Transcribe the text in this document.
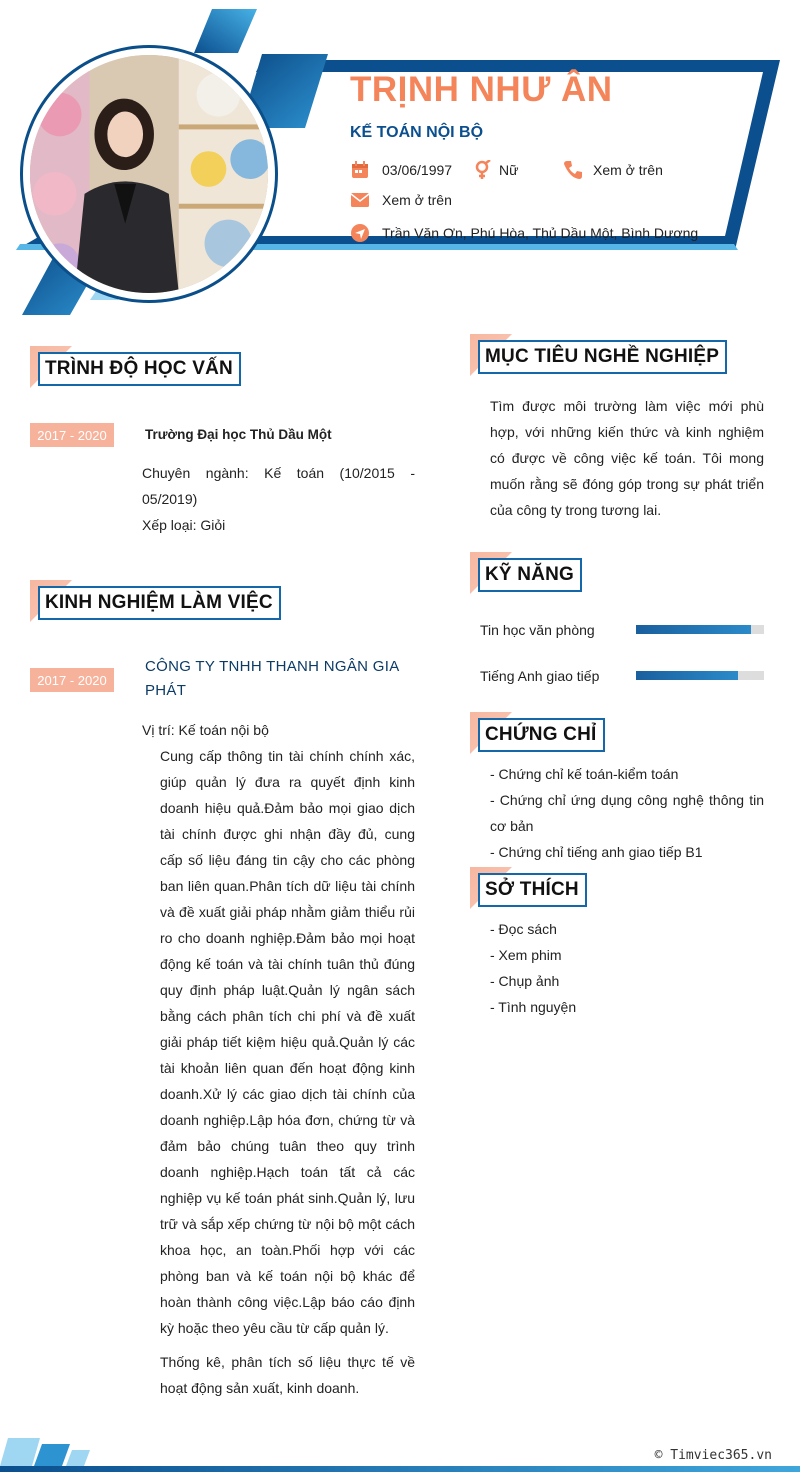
TRỊNH NHƯ ÂN
KẾ TOÁN NỘI BỘ
03/06/1997	Nữ	Xem ở trên
Xem ở trên
Trần Văn Ơn, Phú Hòa, Thủ Dầu Một, Bình Dương
TRÌNH ĐỘ HỌC VẤN
2017 - 2020	Trường Đại học Thủ Dầu Một
Chuyên ngành: Kế toán (10/2015 - 05/2019)
Xếp loại: Giỏi
KINH NGHIỆM LÀM VIỆC
2017 - 2020
CÔNG TY TNHH THANH NGÂN GIA PHÁT
Vị trí: Kế toán nội bộ
Cung cấp thông tin tài chính chính xác, giúp quản lý đưa ra quyết định kinh doanh hiệu quả.Đảm bảo mọi giao dịch tài chính được ghi nhận đầy đủ, cung cấp số liệu đáng tin cậy cho các phòng ban liên quan.Phân tích dữ liệu tài chính và đề xuất giải pháp nhằm giảm thiểu rủi ro cho doanh nghiệp.Đảm bảo mọi hoạt động kế toán và tài chính tuân thủ đúng quy định pháp luật.Quản lý ngân sách bằng cách phân tích chi phí và đề xuất giải pháp tiết kiệm hiệu quả.Quản lý các tài khoản liên quan đến hoạt động kinh doanh.Xử lý các giao dịch tài chính của doanh nghiệp.Lập hóa đơn, chứng từ và đảm bảo chúng tuân theo quy trình doanh nghiệp.Hạch toán tất cả các nghiệp vụ kế toán phát sinh.Quản lý, lưu trữ và sắp xếp chứng từ nội bộ một cách khoa học, an toàn.Phối hợp với các phòng ban và kế toán nội bộ khác để hoàn thành công việc.Lập báo cáo định kỳ hoặc theo yêu cầu từ cấp quản lý.
Thống kê, phân tích số liệu thực tế về hoạt động sản xuất, kinh doanh.
MỤC TIÊU NGHỀ NGHIỆP
Tìm được môi trường làm việc mới phù hợp, với những kiến thức và kinh nghiệm có được về công việc kế toán. Tôi mong muốn rằng sẽ đóng góp trong sự phát triển của công ty trong tương lai.
KỸ NĂNG
Tin học văn phòng
Tiếng Anh giao tiếp
CHỨNG CHỈ
- Chứng chỉ kế toán-kiểm toán
- Chứng chỉ ứng dụng công nghệ thông tin cơ bản
- Chứng chỉ tiếng anh giao tiếp B1
SỞ THÍCH
- Đọc sách
- Xem phim
- Chụp ảnh
- Tình nguyện
© Timviec365.vn
